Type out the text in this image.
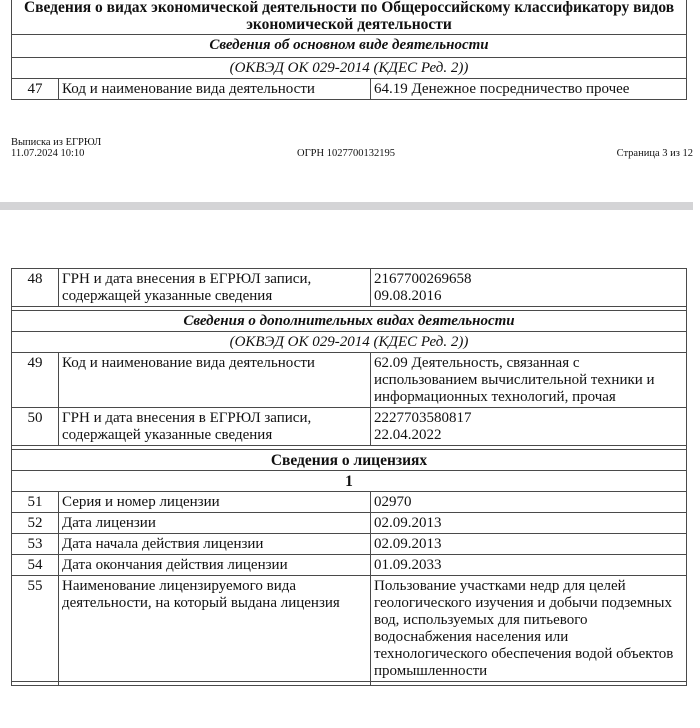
Сведения о видах экономической деятельности по Общероссийскому классификатору видов экономической деятельности
Сведения об основном виде деятельности
(ОКВЭД ОК 029-2014 (КДЕС Ред. 2))
47	Код и наименование вида деятельности	64.19 Денежное посредничество прочее
Выписка из ЕГРЮЛ
11.07.2024 10:10	ОГРН 1027700132195	Страница 3 из 12
48	ГРН и дата внесения в ЕГРЮЛ записи, содержащей указанные сведения	2167700269658
09.08.2016

Сведения о дополнительных видах деятельности		
(ОКВЭД ОК 029-2014 (КДЕС Ред. 2))		
49	Код и наименование вида деятельности	62.09 Деятельность, связанная с использованием вычислительной техники и информационных технологий, прочая
50	ГРН и дата внесения в ЕГРЮЛ записи, содержащей указанные сведения	2227703580817
22.04.2022

Сведения о лицензиях		
1		
51	Серия и номер лицензии	02970
52	Дата лицензии	02.09.2013
53	Дата начала действия лицензии	02.09.2013
54	Дата окончания действия лицензии	01.09.2033
55	Наименование лицензируемого вида деятельности, на который выдана лицензия	Пользование участками недр для целей геологического изучения и добычи подземных вод, используемых для питьевого водоснабжения населения или технологического обеспечения водой объектов промышленности
